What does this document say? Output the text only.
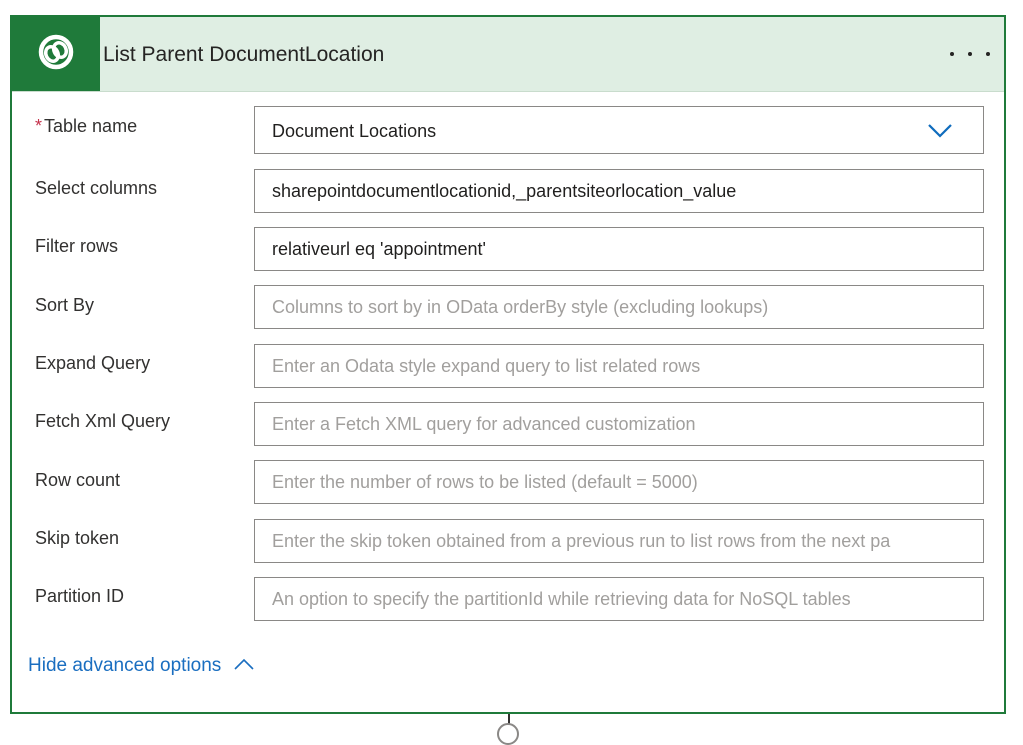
List Parent DocumentLocation
* Table name	Document Locations
Select columns
sharepointdocumentlocationid,_parentsiteorlocation_value
Filter rows
relativeurl eq 'appointment'
Sort By
Columns to sort by in OData orderBy style (excluding lookups)
Expand Query
Enter an Odata style expand query to list related rows
Fetch Xml Query
Enter a Fetch XML query for advanced customization
Row count
Enter the number of rows to be listed (default = 5000)
Skip token
Enter the skip token obtained from a previous run to list rows from the next pa
Partition ID
An option to specify the partitionId while retrieving data for NoSQL tables
Hide advanced options
